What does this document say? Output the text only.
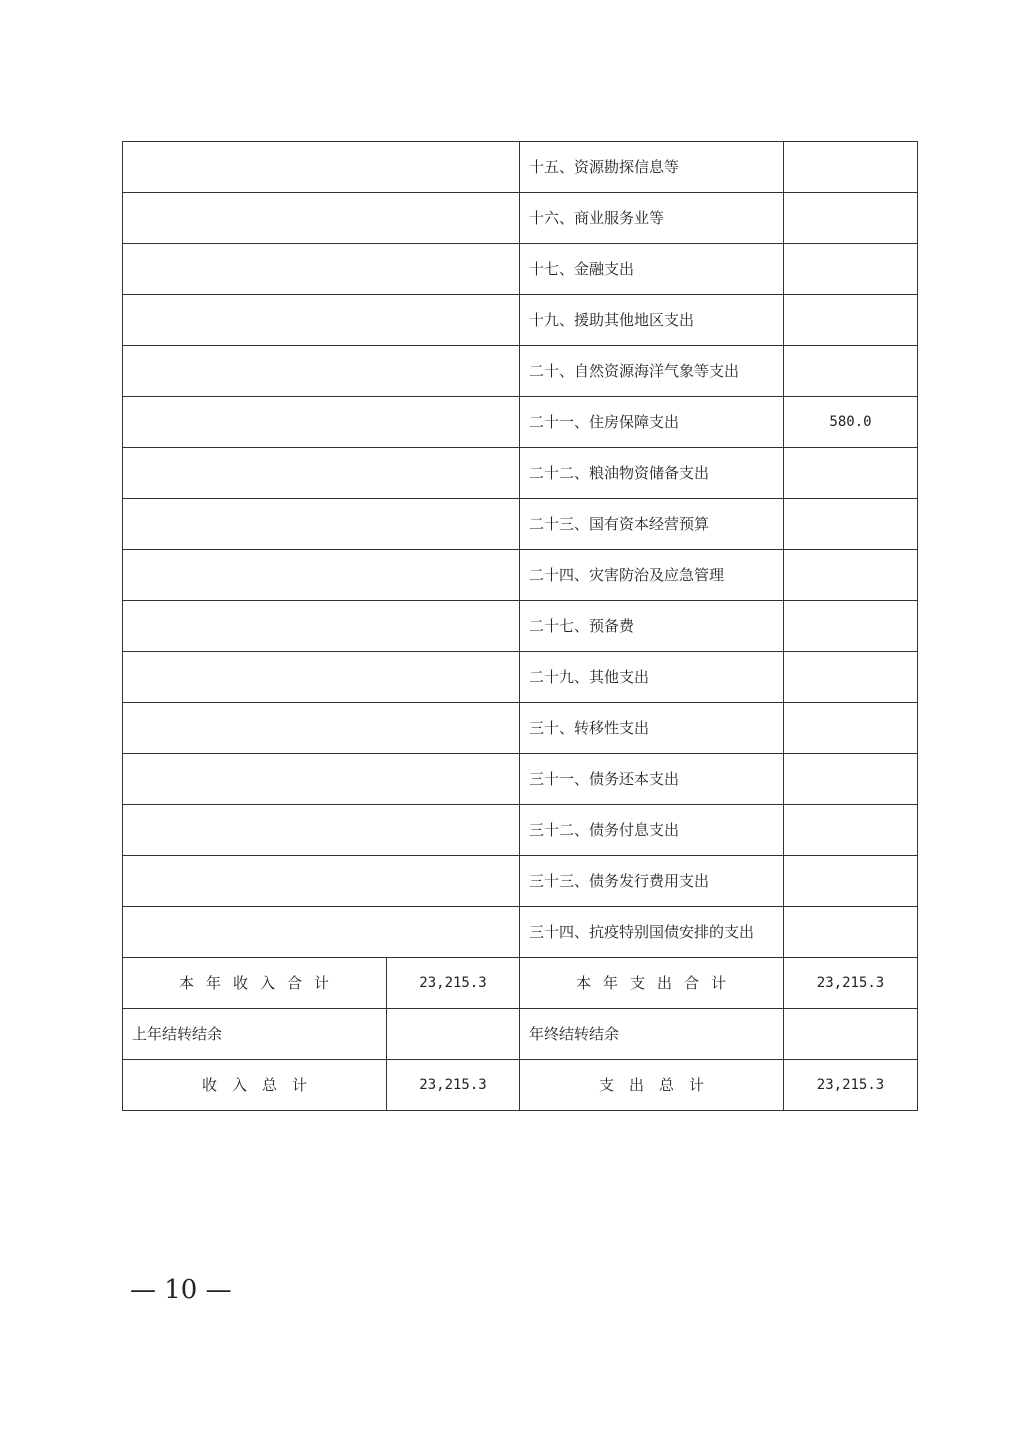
		十五、资源勘探信息等	
		十六、商业服务业等	
		十七、金融支出	
		十九、援助其他地区支出	
		二十、自然资源海洋气象等支出	
		二十一、住房保障支出	580.0
		二十二、粮油物资储备支出	
		二十三、国有资本经营预算	
		二十四、灾害防治及应急管理	
		二十七、预备费	
		二十九、其他支出	
		三十、转移性支出	
		三十一、债务还本支出	
		三十二、债务付息支出	
		三十三、债务发行费用支出	
		三十四、抗疫特别国债安排的支出	
本年收入合计	23,215.3	本年支出合计	23,215.3
上年结转结余		年终结转结余	
收入总计	23,215.3	支出总计	23,215.3
— 10 —
